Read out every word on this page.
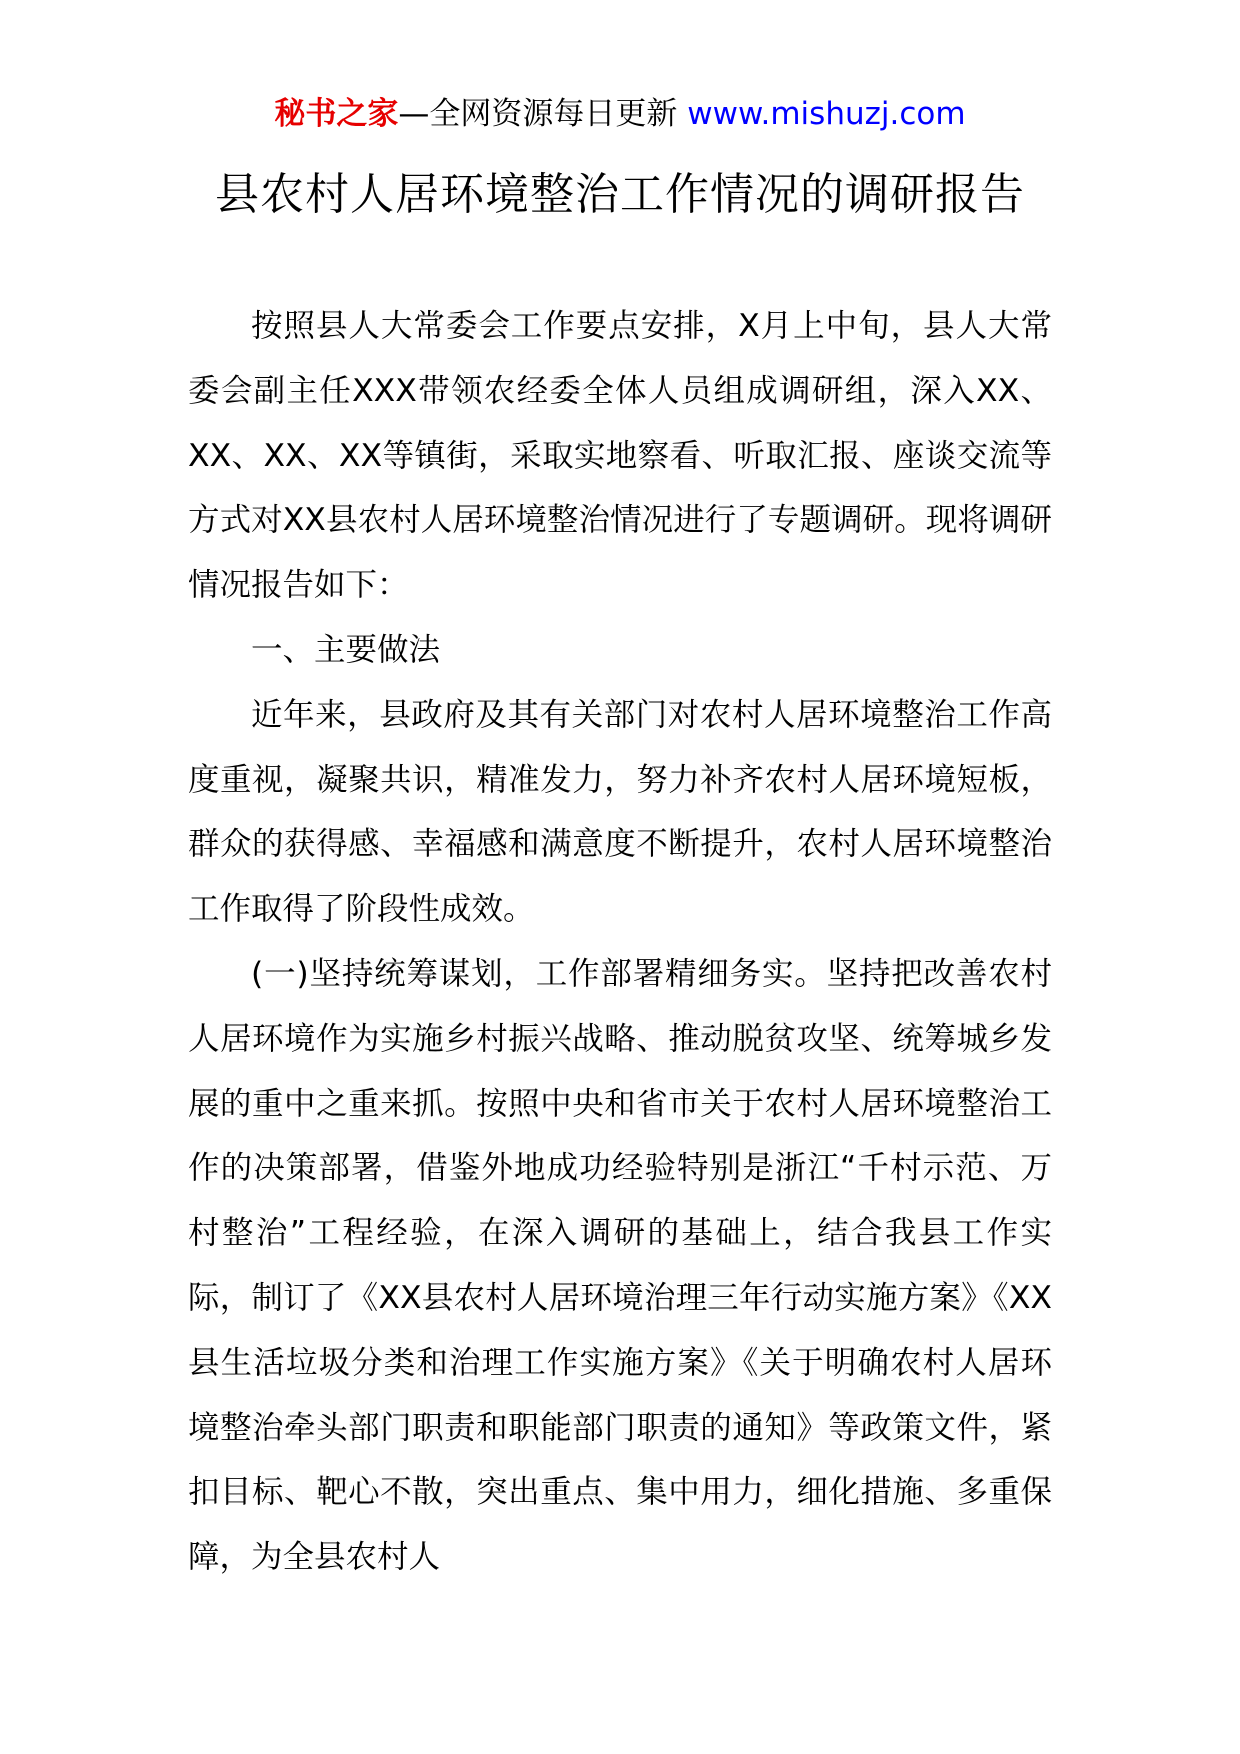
秘书之家—全网资源每日更新 www.mishuzj.com
县农村人居环境整治工作情况的调研报告

按照县人大常委会工作要点安排，X月上中旬，县人大常委会副主任XXX带领农经委全体人员组成调研组，深入XX、XX、XX、XX等镇街，采取实地察看、听取汇报、座谈交流等方式对XX县农村人居环境整治情况进行了专题调研。现将调研情况报告如下：

一、主要做法

近年来，县政府及其有关部门对农村人居环境整治工作高度重视，凝聚共识，精准发力，努力补齐农村人居环境短板，群众的获得感、幸福感和满意度不断提升，农村人居环境整治工作取得了阶段性成效。

(一)坚持统筹谋划，工作部署精细务实。坚持把改善农村人居环境作为实施乡村振兴战略、推动脱贫攻坚、统筹城乡发展的重中之重来抓。按照中央和省市关于农村人居环境整治工作的决策部署，借鉴外地成功经验特别是浙江“千村示范、万村整治”工程经验，在深入调研的基础上，结合我县工作实际，制订了《XX县农村人居环境治理三年行动实施方案》《XX县生活垃圾分类和治理工作实施方案》《关于明确农村人居环境整治牵头部门职责和职能部门职责的通知》等政策文件，紧扣目标、靶心不散，突出重点、集中用力，细化措施、多重保障，为全县农村人
